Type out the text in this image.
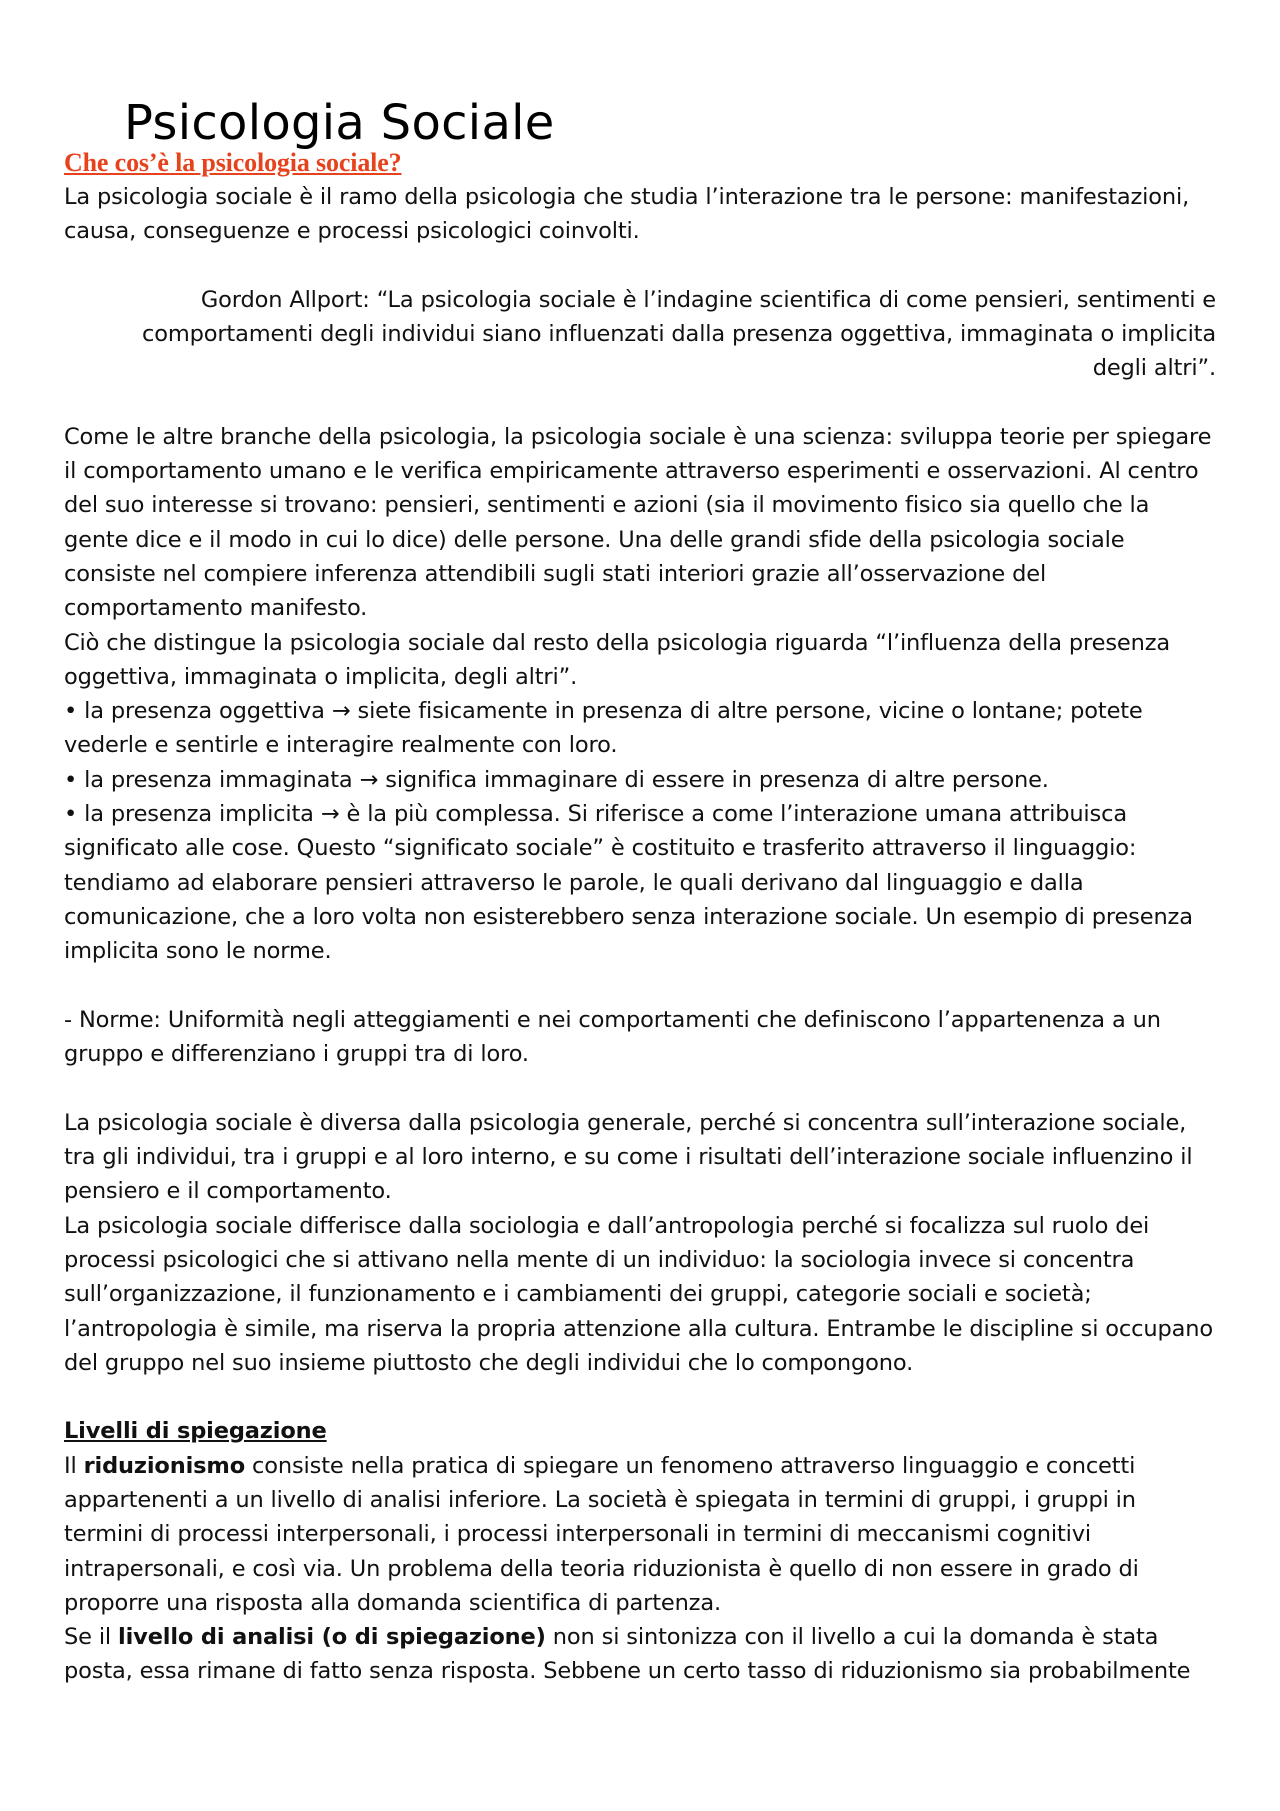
Psicologia Sociale
Che cos’è la psicologia sociale?

La psicologia sociale è il ramo della psicologia che studia l’interazione tra le persone: manifestazioni, causa, conseguenze e processi psicologici coinvolti.

Gordon Allport: “La psicologia sociale è l’indagine scientifica di come pensieri, sentimenti e comportamenti degli individui siano influenzati dalla presenza oggettiva, immaginata o implicita degli altri”.

Come le altre branche della psicologia, la psicologia sociale è una scienza: sviluppa teorie per spiegare il comportamento umano e le verifica empiricamente attraverso esperimenti e osservazioni. Al centro del suo interesse si trovano: pensieri, sentimenti e azioni (sia il movimento fisico sia quello che la gente dice e il modo in cui lo dice) delle persone. Una delle grandi sfide della psicologia sociale consiste nel compiere inferenza attendibili sugli stati interiori grazie all’osservazione del comportamento manifesto.

Ciò che distingue la psicologia sociale dal resto della psicologia riguarda “l’influenza della presenza oggettiva, immaginata o implicita, degli altri”.

• la presenza oggettiva → siete fisicamente in presenza di altre persone, vicine o lontane; potete vederle e sentirle e interagire realmente con loro.

• la presenza immaginata → significa immaginare di essere in presenza di altre persone.

• la presenza implicita → è la più complessa. Si riferisce a come l’interazione umana attribuisca significato alle cose. Questo “significato sociale” è costituito e trasferito attraverso il linguaggio: tendiamo ad elaborare pensieri attraverso le parole, le quali derivano dal linguaggio e dalla comunicazione, che a loro volta non esisterebbero senza interazione sociale. Un esempio di presenza implicita sono le norme.

- Norme: Uniformità negli atteggiamenti e nei comportamenti che definiscono l’appartenenza a un gruppo e differenziano i gruppi tra di loro.

La psicologia sociale è diversa dalla psicologia generale, perché si concentra sull’interazione sociale, tra gli individui, tra i gruppi e al loro interno, e su come i risultati dell’interazione sociale influenzino il pensiero e il comportamento.

La psicologia sociale differisce dalla sociologia e dall’antropologia perché si focalizza sul ruolo dei processi psicologici che si attivano nella mente di un individuo: la sociologia invece si concentra sull’organizzazione, il funzionamento e i cambiamenti dei gruppi, categorie sociali e società; l’antropologia è simile, ma riserva la propria attenzione alla cultura. Entrambe le discipline si occupano del gruppo nel suo insieme piuttosto che degli individui che lo compongono.

Livelli di spiegazione

Il riduzionismo consiste nella pratica di spiegare un fenomeno attraverso linguaggio e concetti appartenenti a un livello di analisi inferiore. La società è spiegata in termini di gruppi, i gruppi in termini di processi interpersonali, i processi interpersonali in termini di meccanismi cognitivi intrapersonali, e così via. Un problema della teoria riduzionista è quello di non essere in grado di proporre una risposta alla domanda scientifica di partenza.

Se il livello di analisi (o di spiegazione) non si sintonizza con il livello a cui la domanda è stata posta, essa rimane di fatto senza risposta. Sebbene un certo tasso di riduzionismo sia probabilmente
